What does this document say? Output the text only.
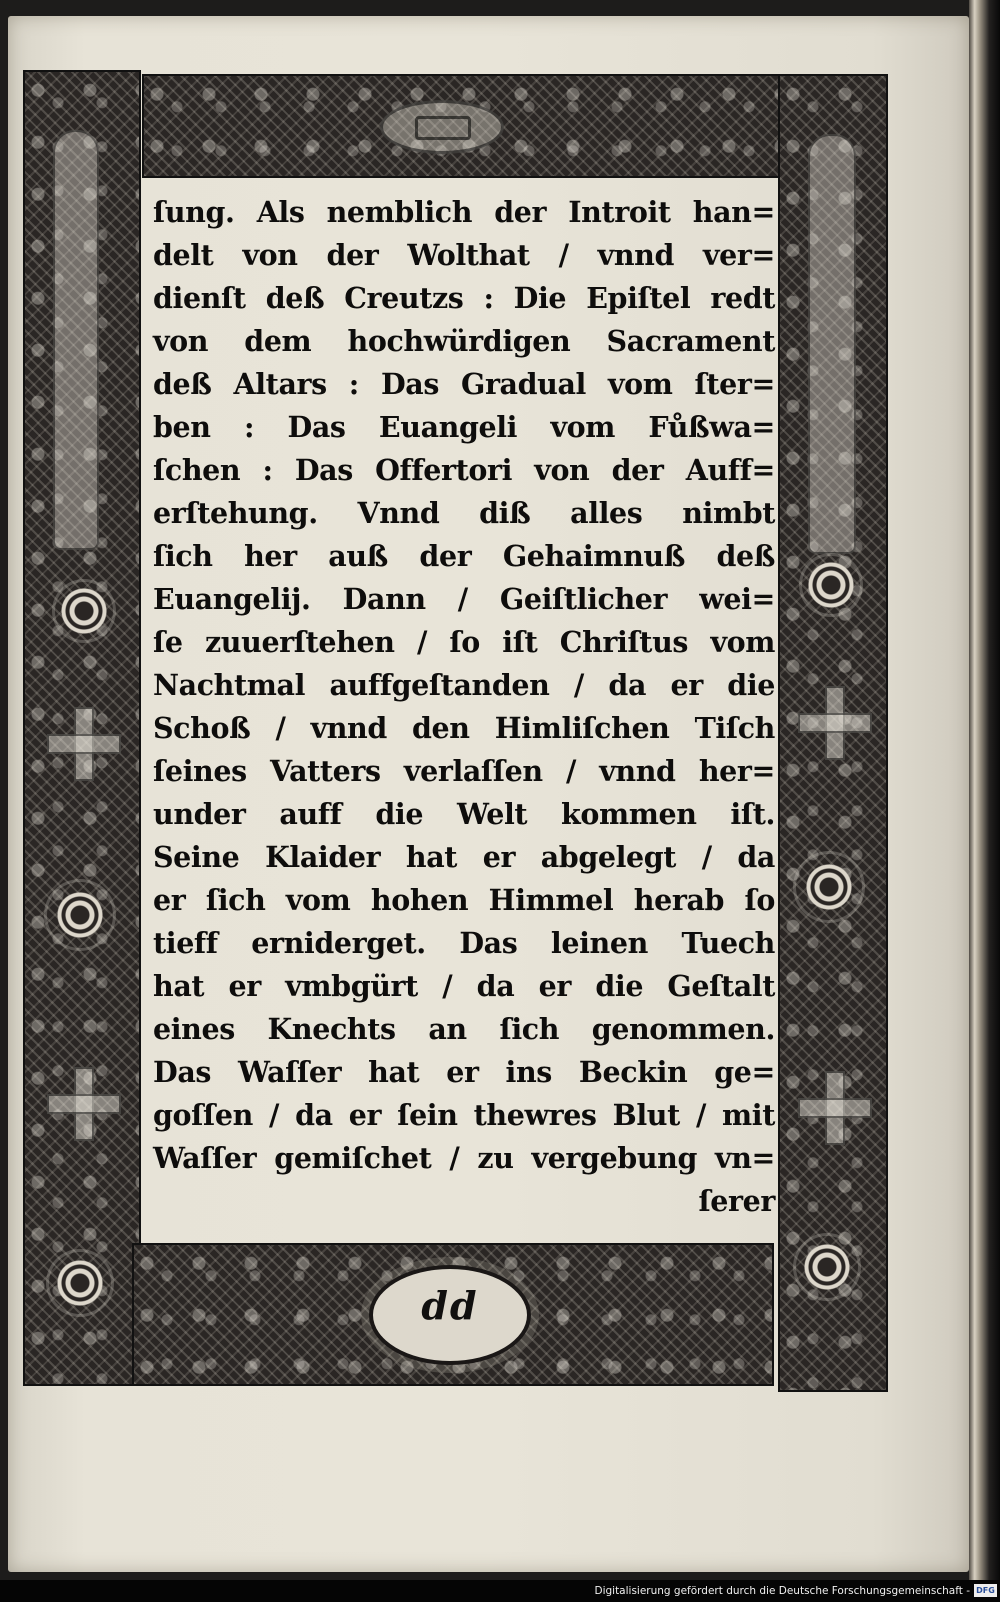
dd
ſung. Als nemblich der Introit han=
delt von der Wolthat / vnnd ver=
dienſt deß Creutzs : Die Epiſtel redt
von dem hochwürdigen Sacrament
deß Altars : Das Gradual vom ſter=
ben : Das Euangeli vom Fůßwa=
ſchen : Das Offertori von der Auff=
erſtehung. Vnnd diß alles nimbt
ſich her auß der Gehaimnuß deß
Euangelij. Dann / Geiſtlicher wei=
ſe zuuerſtehen / ſo iſt Chriſtus vom
Nachtmal auffgeſtanden / da er die
Schoß / vnnd den Himliſchen Tiſch
ſeines Vatters verlaſſen / vnnd her=
under auff die Welt kommen iſt.
Seine Klaider hat er abgelegt / da
er ſich vom hohen Himmel herab ſo
tieff erniderget. Das leinen Tuech
hat er vmbgürt / da er die Geſtalt
eines Knechts an ſich genommen.
Das Waſſer hat er ins Beckin ge=
goſſen / da er ſein thewres Blut / mit
Waſſer gemiſchet / zu vergebung vn=
ſerer
Digitalisierung gefördert durch die Deutsche Forschungsgemeinschaft - DFG
